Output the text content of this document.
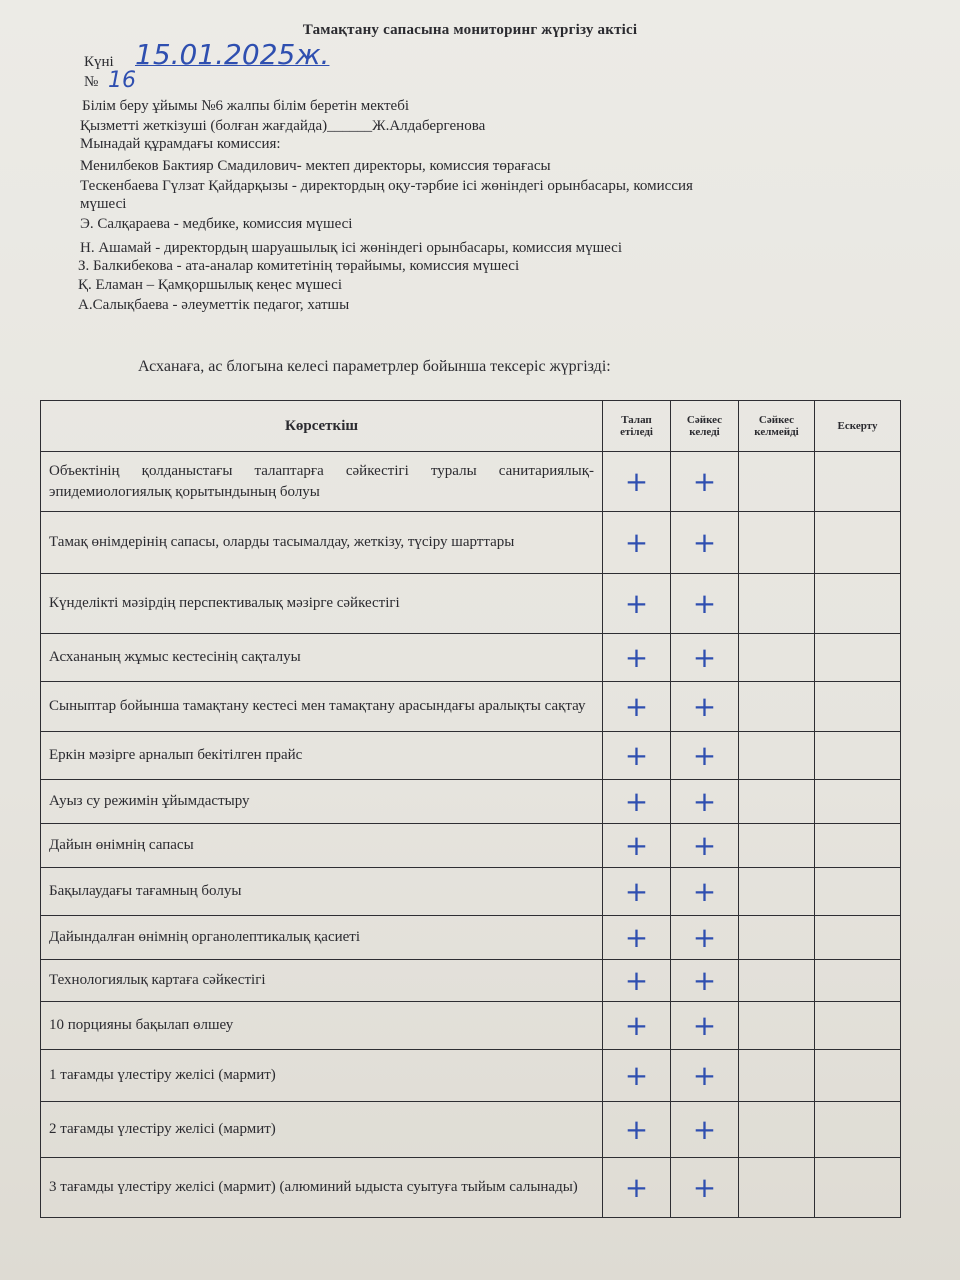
Тамақтану сапасына мониторинг жүргізу актісі
Күні 15.01.2025ж.
№ 16
Білім беру ұйымы №6 жалпы білім беретін мектебі
Қызметті жеткізуші (болған жағдайда)______Ж.Алдабергенова
Мынадай құрамдағы комиссия:
Менилбеков Бактияр Смадилович- мектеп директоры, комиссия төрағасы
Тескенбаева Гүлзат Қайдарқызы - директордың оқу-тәрбие ісі жөніндегі орынбасары, комиссия
мүшесі
Э. Салқараева - медбике, комиссия мүшесі
Н. Ашамай - директордың шаруашылық ісі жөніндегі орынбасары, комиссия мүшесі
З. Балкибекова - ата-аналар комитетінің төрайымы, комиссия мүшесі
Қ. Еламан – Қамқоршылық кеңес мүшесі
А.Салықбаева - әлеуметтік педагог, хатшы
Асханаға, ас блогына келесі параметрлер бойынша тексеріс жүргізді:
Көрсеткіш	Талап етіледі	Сәйкес келеді	Сәйкес келмейді	Ескерту
Объектінің қолданыстағы талаптарға сәйкестігі туралы санитариялық-эпидемиологиялық қорытындының болуы	+	+		
Тамақ өнімдерінің сапасы, оларды тасымалдау, жеткізу, түсіру шарттары	+	+		
Күнделікті мәзірдің перспективалық мәзірге сәйкестігі	+	+		
Асхананың жұмыс кестесінің сақталуы	+	+		
Сыныптар бойынша тамақтану кестесі мен тамақтану арасындағы аралықты сақтау	+	+		
Еркін мәзірге арналып бекітілген прайс	+	+		
Ауыз су режимін ұйымдастыру	+	+		
Дайын өнімнің сапасы	+	+		
Бақылаудағы тағамның болуы	+	+		
Дайындалған өнімнің органолептикалық қасиеті	+	+		
Технологиялық картаға сәйкестігі	+	+		
10 порцияны бақылап өлшеу	+	+		
1 тағамды үлестіру желісі (мармит)	+	+		
2 тағамды үлестіру желісі (мармит)	+	+		
3 тағамды үлестіру желісі (мармит) (алюминий ыдыста суытуға тыйым салынады)	+	+		
